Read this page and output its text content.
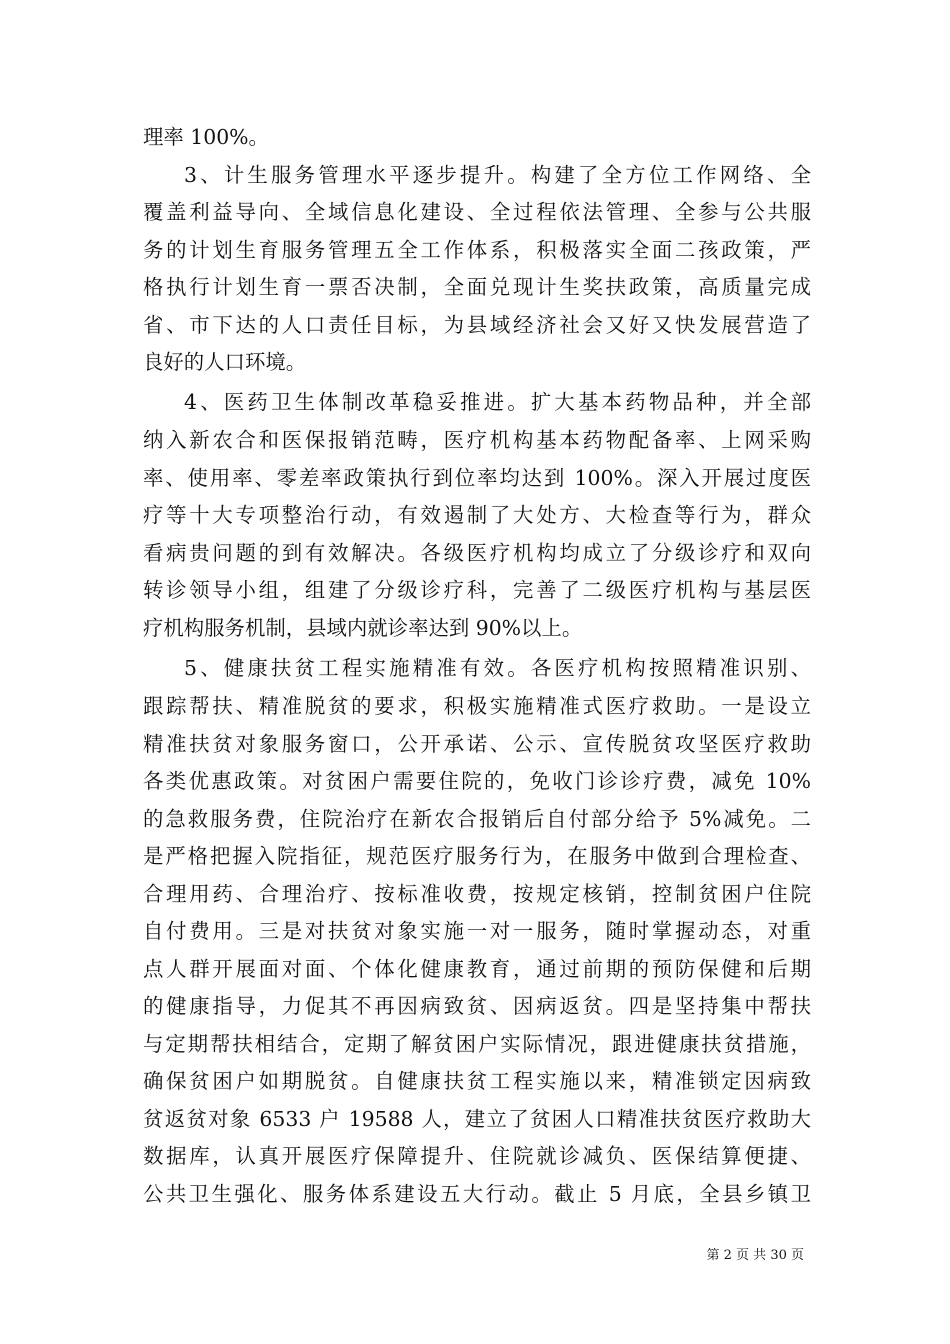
理率 100%。
3、计生服务管理水平逐步提升。构建了全方位工作网络、全
覆盖利益导向、全域信息化建设、全过程依法管理、全参与公共服
务的计划生育服务管理五全工作体系，积极落实全面二孩政策，严
格执行计划生育一票否决制，全面兑现计生奖扶政策，高质量完成
省、市下达的人口责任目标，为县域经济社会又好又快发展营造了
良好的人口环境。
4、医药卫生体制改革稳妥推进。扩大基本药物品种，并全部
纳入新农合和医保报销范畴，医疗机构基本药物配备率、上网采购
率、使用率、零差率政策执行到位率均达到 100%。深入开展过度医
疗等十大专项整治行动，有效遏制了大处方、大检查等行为，群众
看病贵问题的到有效解决。各级医疗机构均成立了分级诊疗和双向
转诊领导小组，组建了分级诊疗科，完善了二级医疗机构与基层医
疗机构服务机制，县域内就诊率达到 90%以上。
5、健康扶贫工程实施精准有效。各医疗机构按照精准识别、
跟踪帮扶、精准脱贫的要求，积极实施精准式医疗救助。一是设立
精准扶贫对象服务窗口，公开承诺、公示、宣传脱贫攻坚医疗救助
各类优惠政策。对贫困户需要住院的，免收门诊诊疗费，减免 10%
的急救服务费，住院治疗在新农合报销后自付部分给予 5%减免。二
是严格把握入院指征，规范医疗服务行为，在服务中做到合理检查、
合理用药、合理治疗、按标准收费，按规定核销，控制贫困户住院
自付费用。三是对扶贫对象实施一对一服务，随时掌握动态，对重
点人群开展面对面、个体化健康教育，通过前期的预防保健和后期
的健康指导，力促其不再因病致贫、因病返贫。四是坚持集中帮扶
与定期帮扶相结合，定期了解贫困户实际情况，跟进健康扶贫措施，
确保贫困户如期脱贫。自健康扶贫工程实施以来，精准锁定因病致
贫返贫对象 6533 户 19588 人，建立了贫困人口精准扶贫医疗救助大
数据库，认真开展医疗保障提升、住院就诊减负、医保结算便捷、
公共卫生强化、服务体系建设五大行动。截止 5 月底，全县乡镇卫
第 2 页 共 30 页
